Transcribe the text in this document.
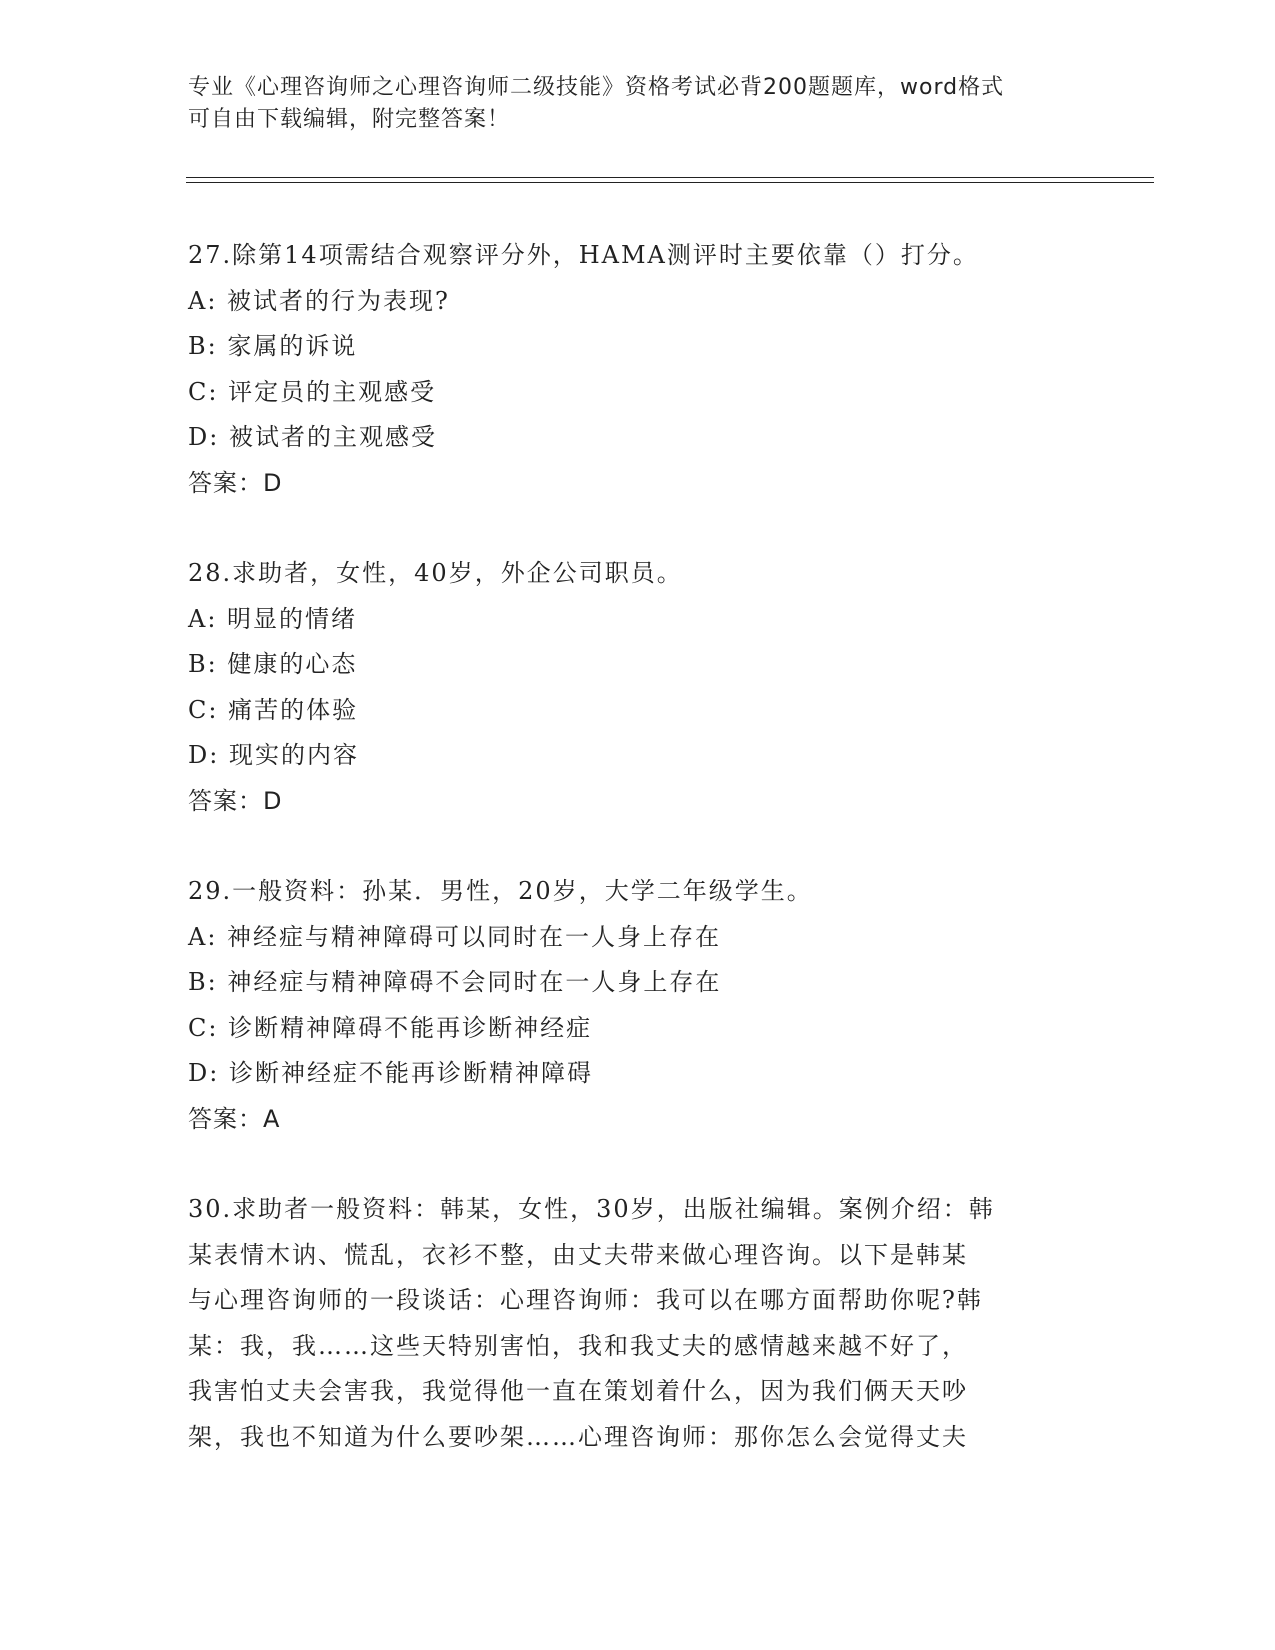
专业《心理咨询师之心理咨询师二级技能》资格考试必背200题题库，word格式
可自由下载编辑，附完整答案！
27.除第14项需结合观察评分外，HAMA测评时主要依靠（）打分。
A: 被试者的行为表现?
B: 家属的诉说
C: 评定员的主观感受
D: 被试者的主观感受
答案：D
28.求助者，女性，40岁，外企公司职员。
A: 明显的情绪
B: 健康的心态
C: 痛苦的体验
D: 现实的内容
答案：D
29.一般资料：孙某．男性，20岁，大学二年级学生。
A: 神经症与精神障碍可以同时在一人身上存在
B: 神经症与精神障碍不会同时在一人身上存在
C: 诊断精神障碍不能再诊断神经症
D: 诊断神经症不能再诊断精神障碍
答案：A
30.求助者一般资料：韩某，女性，30岁，出版社编辑。案例介绍：韩
某表情木讷、慌乱，衣衫不整，由丈夫带来做心理咨询。以下是韩某
与心理咨询师的一段谈话：心理咨询师：我可以在哪方面帮助你呢?韩
某：我，我……这些天特别害怕，我和我丈夫的感情越来越不好了，
我害怕丈夫会害我，我觉得他一直在策划着什么，因为我们俩天天吵
架，我也不知道为什么要吵架……心理咨询师：那你怎么会觉得丈夫
